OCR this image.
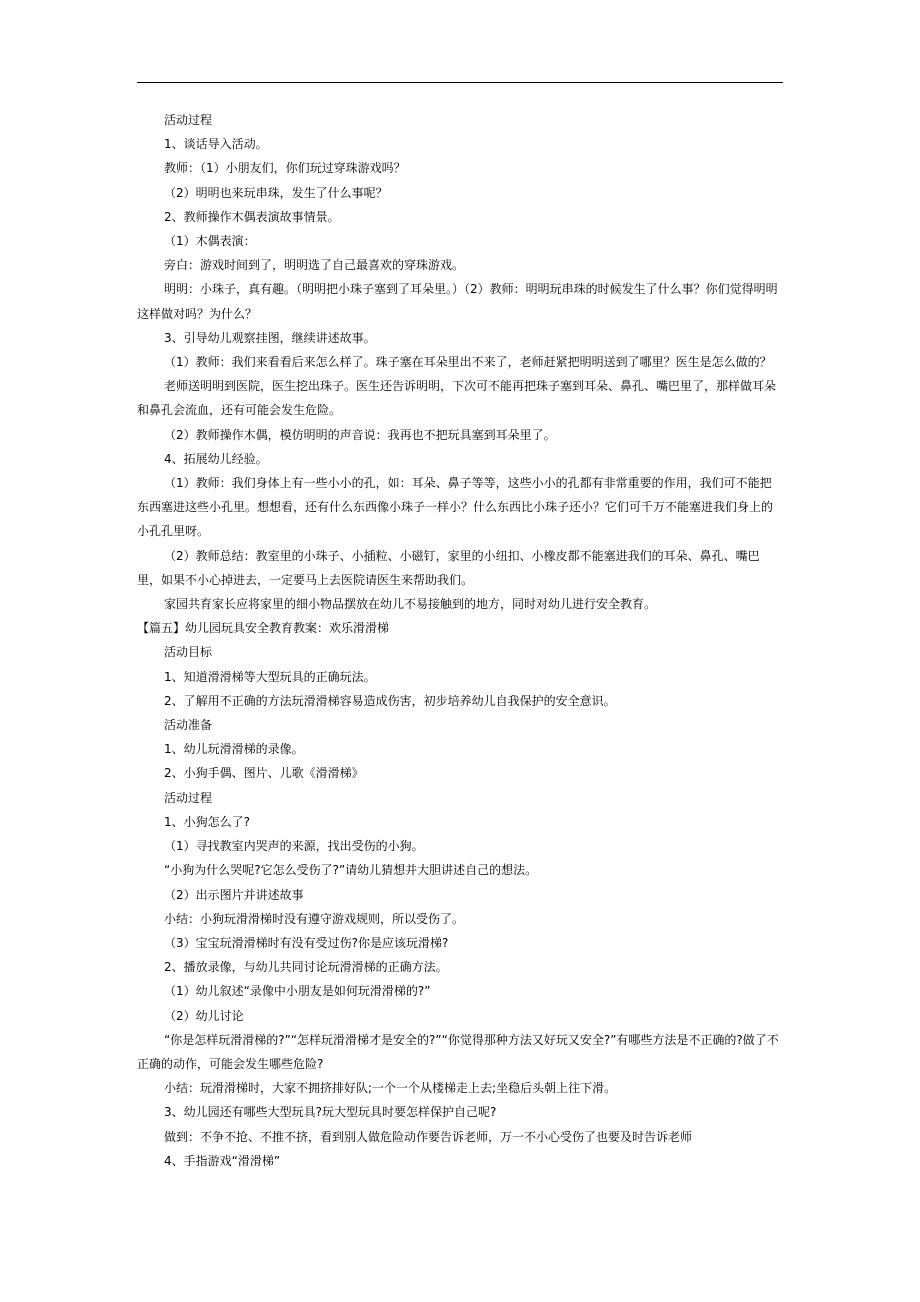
活动过程

1、谈话导入活动。

教师：（1）小朋友们，你们玩过穿珠游戏吗？

（2）明明也来玩串珠，发生了什么事呢？

2、教师操作木偶表演故事情景。

（1）木偶表演：

旁白：游戏时间到了，明明选了自己最喜欢的穿珠游戏。

明明：小珠子，真有趣。（明明把小珠子塞到了耳朵里。）（2）教师：明明玩串珠的时候发生了什么事？你们觉得明明这样做对吗？为什么？

3、引导幼儿观察挂图，继续讲述故事。

（1）教师：我们来看看后来怎么样了。珠子塞在耳朵里出不来了，老师赶紧把明明送到了哪里？医生是怎么做的？

老师送明明到医院，医生挖出珠子。医生还告诉明明，下次可不能再把珠子塞到耳朵、鼻孔、嘴巴里了，那样做耳朵和鼻孔会流血，还有可能会发生危险。

（2）教师操作木偶，模仿明明的声音说：我再也不把玩具塞到耳朵里了。

4、拓展幼儿经验。

（1）教师：我们身体上有一些小小的孔，如：耳朵、鼻子等等，这些小小的孔都有非常重要的作用，我们可不能把东西塞进这些小孔里。想想看，还有什么东西像小珠子一样小？什么东西比小珠子还小？它们可千万不能塞进我们身上的小孔孔里呀。

（2）教师总结：教室里的小珠子、小插粒、小磁钉，家里的小纽扣、小橡皮都不能塞进我们的耳朵、鼻孔、嘴巴里，如果不小心掉进去，一定要马上去医院请医生来帮助我们。

家园共育家长应将家里的细小物品摆放在幼儿不易接触到的地方，同时对幼儿进行安全教育。

【篇五】幼儿园玩具安全教育教案：欢乐滑滑梯

活动目标

1、知道滑滑梯等大型玩具的正确玩法。

2、了解用不正确的方法玩滑滑梯容易造成伤害，初步培养幼儿自我保护的安全意识。

活动准备

1、幼儿玩滑滑梯的录像。

2、小狗手偶、图片、儿歌《滑滑梯》

活动过程

1、小狗怎么了?

（1）寻找教室内哭声的来源，找出受伤的小狗。

“小狗为什么哭呢?它怎么受伤了?”请幼儿猜想并大胆讲述自己的想法。

（2）出示图片并讲述故事

小结：小狗玩滑滑梯时没有遵守游戏规则，所以受伤了。

（3）宝宝玩滑滑梯时有没有受过伤?你是应该玩滑梯?

2、播放录像，与幼儿共同讨论玩滑滑梯的正确方法。

（1）幼儿叙述“录像中小朋友是如何玩滑滑梯的?”

（2）幼儿讨论

“你是怎样玩滑滑梯的?”“怎样玩滑滑梯才是安全的?”“你觉得那种方法又好玩又安全?”有哪些方法是不正确的?做了不正确的动作，可能会发生哪些危险?

小结：玩滑滑梯时，大家不拥挤排好队;一个一个从楼梯走上去;坐稳后头朝上往下滑。

3、幼儿园还有哪些大型玩具?玩大型玩具时要怎样保护自己呢?

做到：不争不抢、不推不挤，看到别人做危险动作要告诉老师，万一不小心受伤了也要及时告诉老师

4、手指游戏“滑滑梯”
